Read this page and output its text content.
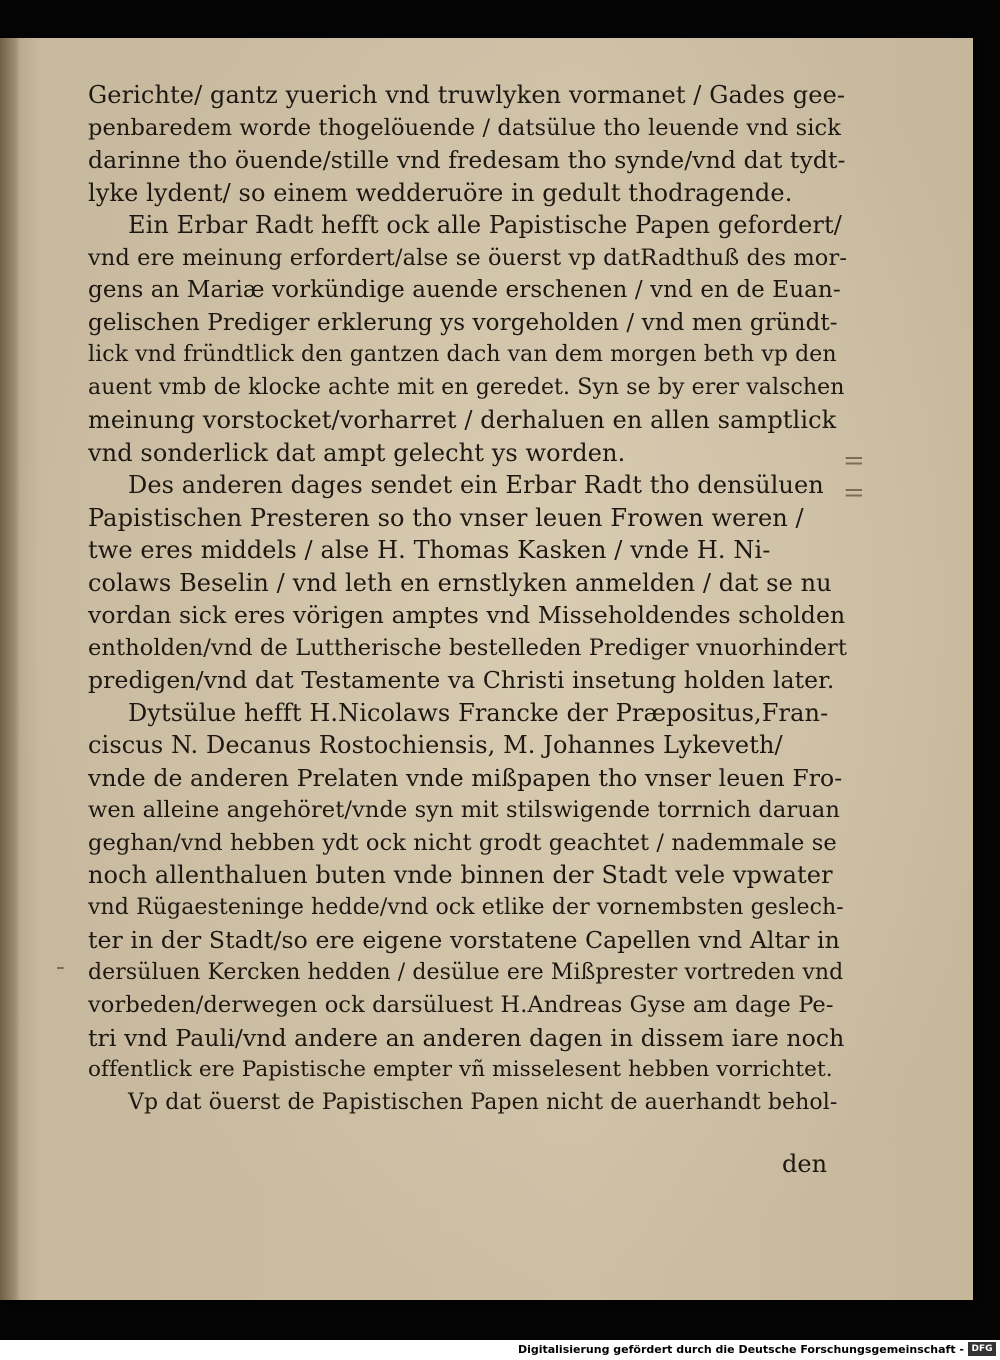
Gerichte/ gantz yuerich vnd truwlyken vormanet / Gades gee-
penbaredem worde thogelöuende / datsülue tho leuende vnd sick
darinne tho öuende/stille vnd fredesam tho synde/vnd dat tydt-
lyke lydent/ so einem wedderuöre in gedult thodragende.
Ein Erbar Radt hefft ock alle Papistische Papen gefordert/
vnd ere meinung erfordert/alse se öuerst vp datRadthuß des mor-
gens an Mariæ vorkündige auende erschenen / vnd en de Euan-
gelischen Prediger erklerung ys vorgeholden / vnd men gründt-
lick vnd fründtlick den gantzen dach van dem morgen beth vp den
auent vmb de klocke achte mit en geredet. Syn se by erer valschen
meinung vorstocket/vorharret / derhaluen en allen samptlick
vnd sonderlick dat ampt gelecht ys worden.
Des anderen dages sendet ein Erbar Radt tho densüluen
Papistischen Presteren so tho vnser leuen Frowen weren /
twe eres middels / alse H. Thomas Kasken / vnde H. Ni-
colaws Beselin / vnd leth en ernstlyken anmelden / dat se nu
vordan sick eres vörigen amptes vnd Misseholdendes scholden
entholden/vnd de Luttherische bestelleden Prediger vnuorhindert
predigen/vnd dat Testamente va Christi insetung holden later.
Dytsülue hefft H.Nicolaws Francke der Præpositus,Fran-
ciscus N. Decanus Rostochiensis, M. Johannes Lykeveth/
vnde de anderen Prelaten vnde mißpapen tho vnser leuen Fro-
wen alleine angehöret/vnde syn mit stilswigende torrnich daruan
geghan/vnd hebben ydt ock nicht grodt geachtet / nademmale se
noch allenthaluen buten vnde binnen der Stadt vele vpwater
vnd Rügaesteninge hedde/vnd ock etlike der vornembsten geslech-
ter in der Stadt/so ere eigene vorstatene Capellen vnd Altar in
dersüluen Kercken hedden / desülue ere Mißprester vortreden vnd
vorbeden/derwegen ock darsüluest H.Andreas Gyse am dage Pe-
tri vnd Pauli/vnd andere an anderen dagen in dissem iare noch
offentlick ere Papistische empter vñ misselesent hebben vorrichtet.
Vp dat öuerst de Papistischen Papen nicht de auerhandt behol-
den
=
=
-
Digitalisierung gefördert durch die Deutsche Forschungsgemeinschaft - DFG
